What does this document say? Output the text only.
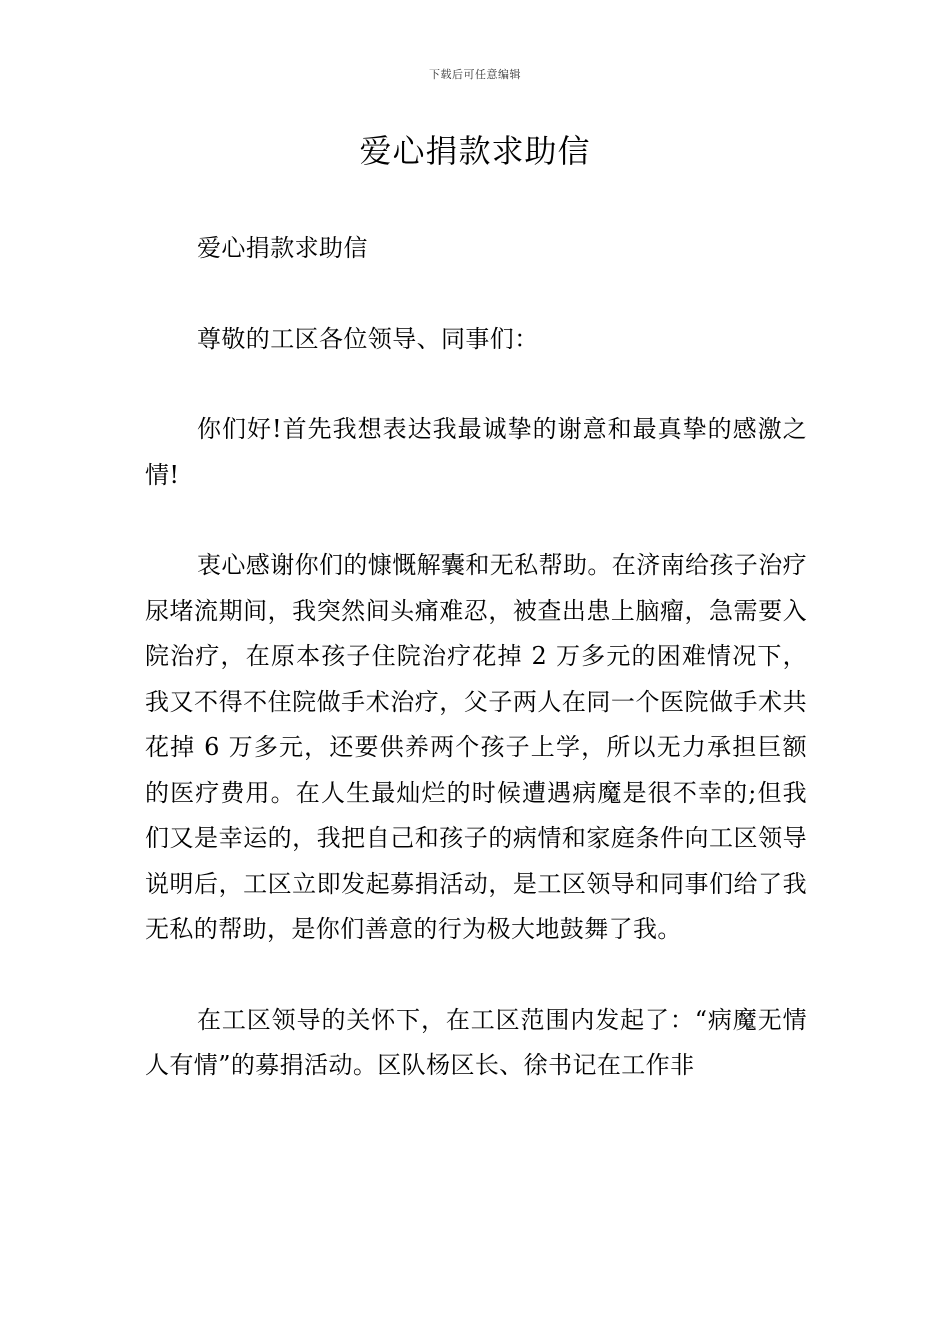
下载后可任意编辑
爱心捐款求助信

爱心捐款求助信

尊敬的工区各位领导、同事们：

你们好!首先我想表达我最诚挚的谢意和最真挚的感激之情!

衷心感谢你们的慷慨解囊和无私帮助。在济南给孩子治疗尿堵流期间，我突然间头痛难忍，被查出患上脑瘤，急需要入院治疗，在原本孩子住院治疗花掉 2 万多元的困难情况下，我又不得不住院做手术治疗，父子两人在同一个医院做手术共花掉 6 万多元，还要供养两个孩子上学，所以无力承担巨额的医疗费用。在人生最灿烂的时候遭遇病魔是很不幸的;但我们又是幸运的，我把自己和孩子的病情和家庭条件向工区领导说明后，工区立即发起募捐活动，是工区领导和同事们给了我无私的帮助，是你们善意的行为极大地鼓舞了我。

在工区领导的关怀下，在工区范围内发起了：“病魔无情人有情”的募捐活动。区队杨区长、徐书记在工作非
